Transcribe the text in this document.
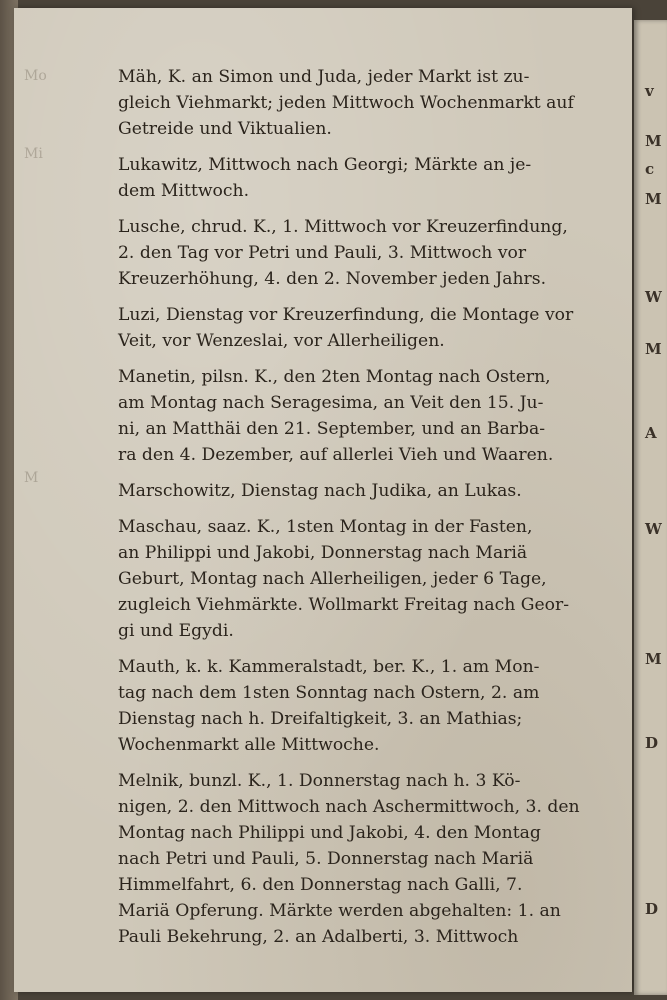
Mo
Mi
M
v
M
c
M
W
M
A
W
M
D
D
Mäh, K. an Simon und Juda, jeder Markt ist zu-
gleich Viehmarkt; jeden Mittwoch Wochenmarkt auf
Getreide und Viktualien.
Lukawitz, Mittwoch nach Georgi; Märkte an je-
dem Mittwoch.
Lusche, chrud. K., 1. Mittwoch vor Kreuzerfindung,
2. den Tag vor Petri und Pauli, 3. Mittwoch vor
Kreuzerhöhung, 4. den 2. November jeden Jahrs.
Luzi, Dienstag vor Kreuzerfindung, die Montage vor
Veit, vor Wenzeslai, vor Allerheiligen.
Manetin, pilsn. K., den 2ten Montag nach Ostern,
am Montag nach Seragesima, an Veit den 15. Ju-
ni, an Matthäi den 21. September, und an Barba-
ra den 4. Dezember, auf allerlei Vieh und Waaren.
Marschowitz, Dienstag nach Judika, an Lukas.
Maschau, saaz. K., 1sten Montag in der Fasten,
an Philippi und Jakobi, Donnerstag nach Mariä
Geburt, Montag nach Allerheiligen, jeder 6 Tage,
zugleich Viehmärkte. Wollmarkt Freitag nach Geor-
gi und Egydi.
Mauth, k. k. Kammeralstadt, ber. K., 1. am Mon-
tag nach dem 1sten Sonntag nach Ostern, 2. am
Dienstag nach h. Dreifaltigkeit, 3. an Mathias;
Wochenmarkt alle Mittwoche.
Melnik, bunzl. K., 1. Donnerstag nach h. 3 Kö-
nigen, 2. den Mittwoch nach Aschermittwoch, 3. den
Montag nach Philippi und Jakobi, 4. den Montag
nach Petri und Pauli, 5. Donnerstag nach Mariä
Himmelfahrt, 6. den Donnerstag nach Galli, 7.
Mariä Opferung. Märkte werden abgehalten: 1. an
Pauli Bekehrung, 2. an Adalberti, 3. Mittwoch
